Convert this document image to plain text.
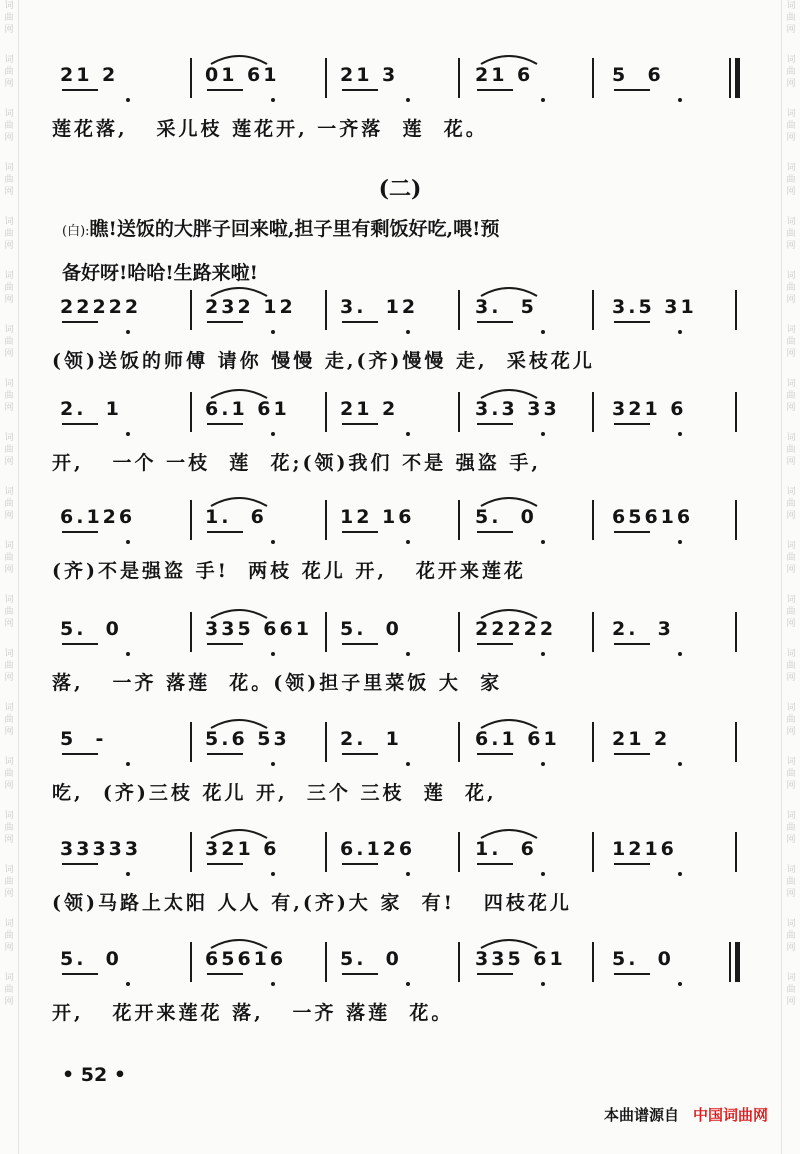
词曲网
词曲网
词曲网
词曲网
词曲网
词曲网
词曲网
词曲网
词曲网
词曲网
词曲网
词曲网
词曲网
词曲网
词曲网
词曲网
词曲网
词曲网
词曲网
词曲网
词曲网
词曲网
词曲网
词曲网
词曲网
词曲网
词曲网
词曲网
词曲网
词曲网
词曲网
词曲网
词曲网
词曲网
词曲网
词曲网
词曲网
词曲网
21 2	01 61	21 3	21 6	5  6
莲花落,   采儿枝 莲花开, 一齐落  莲  花。
22222	232 12 3.  12	3.  5	3.5 31
(领)送饭的师傅 请你 慢慢 走,(齐)慢慢 走,  采枝花儿
2.  1	6.1 61	21 2	3.3 33	321 6
开,   一个 一枝  莲  花;(领)我们 不是 强盗 手,
6.126	1.  6	12 16	5.  0	65616
(齐)不是强盗 手!  两枝 花儿 开,   花开来莲花
5.  0	335 661 5.  0	22222	2.  3
落,   一齐 落莲  花。(领)担子里菜饭 大  家
5  -	5.6 53	2.  1	6.1 61	21 2
吃,  (齐)三枝 花儿 开,  三个 三枝  莲  花,
33333	321 6	6.126	1.  6	1216
(领)马路上太阳 人人 有,(齐)大 家  有!   四枝花儿
5.  0	65616	5.  0	335 61 5.  0
开,   花开来莲花 落,   一齐 落莲  花。
(二)
(白):瞧!送饭的大胖子回来啦,担子里有剩饭好吃,喂!预
备好呀!哈哈!生路来啦!
• 52 •
本曲谱源自 中国词曲网
